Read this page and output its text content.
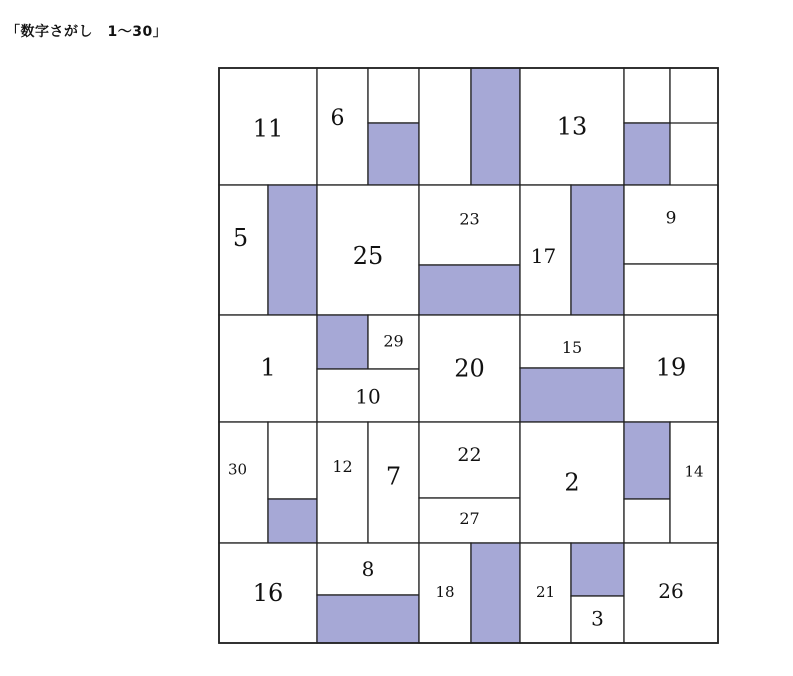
「数字さがし　1〜30」
11 6	13
5
25
23
17
9
1
29
10
20
15
19
30	12 7
22
27
2	14
16
8
18	21
3
26
